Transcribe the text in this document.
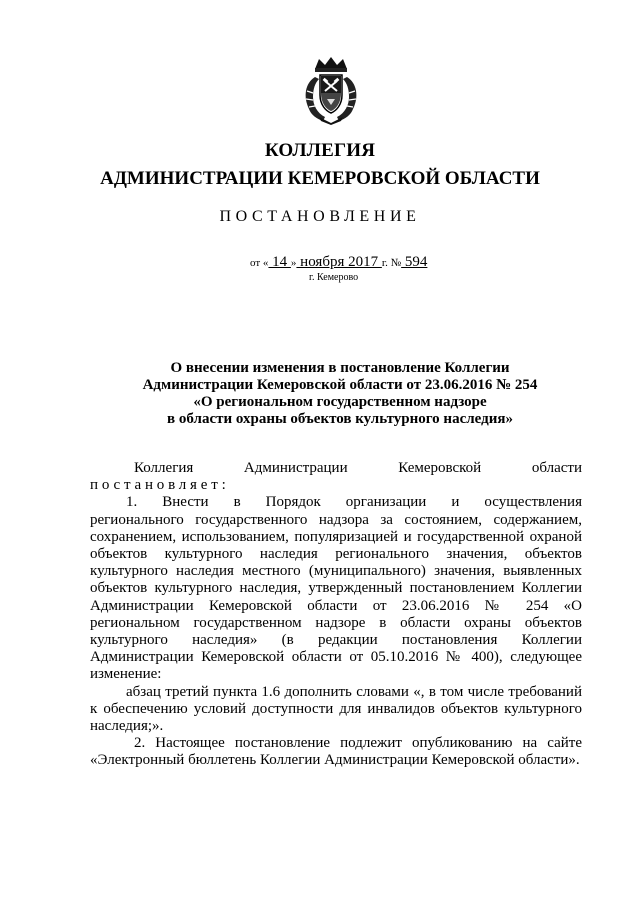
КОЛЛЕГИЯ
АДМИНИСТРАЦИИ КЕМЕРОВСКОЙ ОБЛАСТИ
ПОСТАНОВЛЕНИЕ
от « 14 » ноября 2017 г. № 594
г. Кемерово
О внесении изменения в постановление Коллегии
Администрации Кемеровской области от 23.06.2016 № 254
«О региональном государственном надзоре
в области охраны объектов культурного наследия»

Коллегия Администрации Кемеровской области

постановляет:

1. Внести в Порядок организации и осуществления

регионального государственного надзора за состоянием, содержанием, сохранением, использованием, популяризацией и государственной охраной объектов культурного наследия регионального значения, объектов культурного наследия местного (муниципального) значения, выявленных объектов культурного наследия, утвержденный постановлением Коллегии Администрации Кемеровской области от 23.06.2016 № 254 «О региональном государственном надзоре в области охраны объектов культурного наследия» (в редакции постановления Коллегии Администрации Кемеровской области от 05.10.2016 № 400), следующее изменение:

абзац третий пункта 1.6 дополнить словами «, в том числе требований к обеспечению условий доступности для инвалидов объектов культурного наследия;».

2. Настоящее постановление подлежит опубликованию на сайте «Электронный бюллетень Коллегии Администрации Кемеровской области».
